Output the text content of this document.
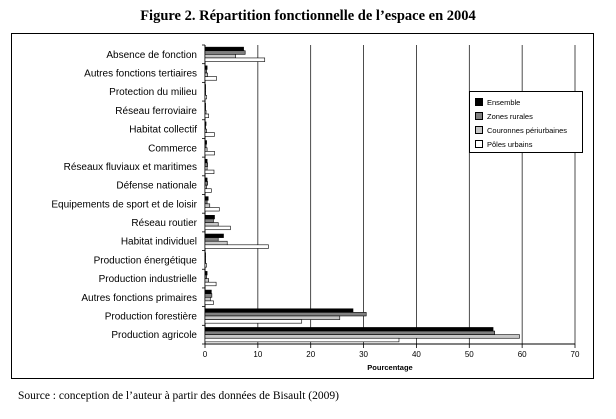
Figure 2. Répartition fonctionnelle de l’espace en 2004
0	10	20	30	40	50	60	70
Pourcentage
Absence de fonction
Autres fonctions tertiaires
Protection du milieu
Réseau ferroviaire
Habitat collectif
Commerce
Réseaux fluviaux et maritimes
Défense nationale
Equipements de sport et de loisir
Réseau routier
Habitat individuel
Production énergétique
Production industrielle
Autres fonctions primaires
Production forestière
Production agricole
Ensemble
Zones rurales
Couronnes périurbaines
Pôles urbains
Source : conception de l’auteur à partir des données de Bisault (2009)
